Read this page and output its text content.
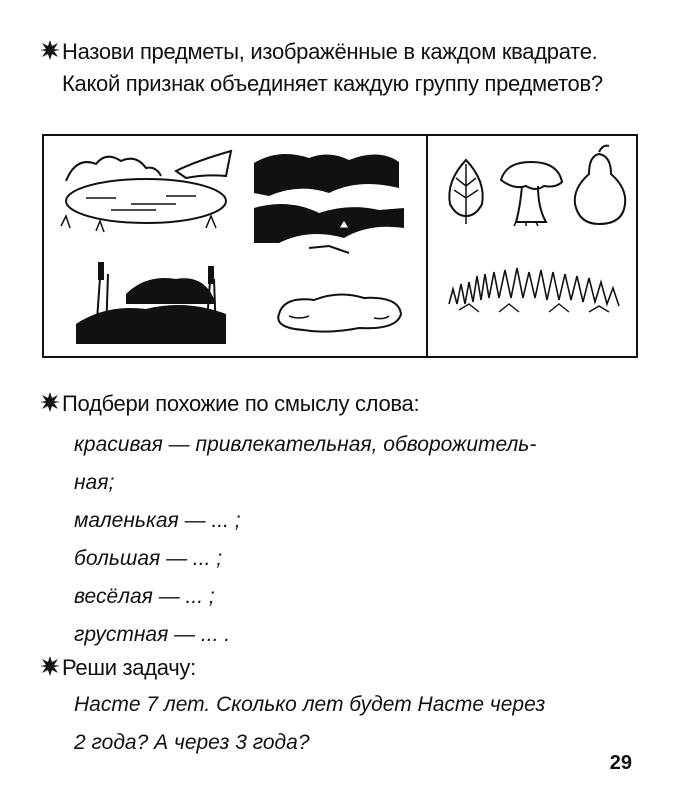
Назови предметы, изображённые в каждом квадрате. Какой признак объединяет каждую группу предметов?
Подбери похожие по смыслу слова:
красивая — привлекательная, обворожитель-
ная;
маленькая — ... ;
большая — ... ;
весёлая — ... ;
грустная — ... .
Реши задачу:
Насте 7 лет. Сколько лет будет Насте через
2 года? А через 3 года?
29
